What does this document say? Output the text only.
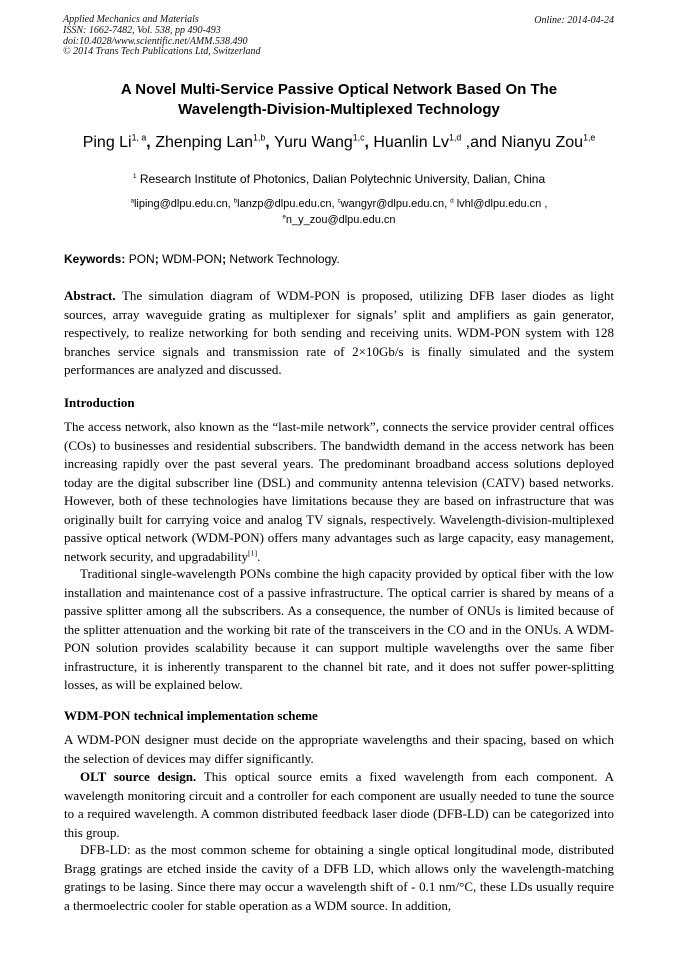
Applied Mechanics and Materials
ISSN: 1662-7482, Vol. 538, pp 490-493
doi:10.4028/www.scientific.net/AMM.538.490
© 2014 Trans Tech Publications Ltd, Switzerland
Online: 2014-04-24
A Novel Multi-Service Passive Optical Network Based On The
Wavelength-Division-Multiplexed Technology
Ping Li$^{1, a}$, Zhenping Lan$^{1,b}$, Yuru Wang$^{1,c}$, Huanlin Lv$^{1,d}$ ,and Nianyu Zou$^{1,e}$
$^1$ Research Institute of Photonics, Dalian Polytechnic University, Dalian, China
$^a$liping@dlpu.edu.cn, $^b$lanzp@dlpu.edu.cn, $^c$wangyr@dlpu.edu.cn, $^d$ lvhl@dlpu.edu.cn ,
$^e$n_y_zou@dlpu.edu.cn
Keywords: PON; WDM-PON; Network Technology.
Abstract. The simulation diagram of WDM-PON is proposed, utilizing DFB laser diodes as light sources, array waveguide grating as multiplexer for signals’ split and amplifiers as gain generator, respectively, to realize networking for both sending and receiving units. WDM-PON system with 128 branches service signals and transmission rate of 2×10Gb/s is finally simulated and the system performances are analyzed and discussed.
Introduction
The access network, also known as the “last-mile network”, connects the service provider central offices (COs) to businesses and residential subscribers. The bandwidth demand in the access network has been increasing rapidly over the past several years. The predominant broadband access solutions deployed today are the digital subscriber line (DSL) and community antenna television (CATV) based networks. However, both of these technologies have limitations because they are based on infrastructure that was originally built for carrying voice and analog TV signals, respectively. Wavelength-division-multiplexed passive optical network (WDM-PON) offers many advantages such as large capacity, easy management, network security, and upgradability[1].
Traditional single-wavelength PONs combine the high capacity provided by optical fiber with the low installation and maintenance cost of a passive infrastructure. The optical carrier is shared by means of a passive splitter among all the subscribers. As a consequence, the number of ONUs is limited because of the splitter attenuation and the working bit rate of the transceivers in the CO and in the ONUs. A WDM-PON solution provides scalability because it can support multiple wavelengths over the same fiber infrastructure, it is inherently transparent to the channel bit rate, and it does not suffer power-splitting losses, as will be explained below.
WDM-PON technical implementation scheme
A WDM-PON designer must decide on the appropriate wavelengths and their spacing, based on which the selection of devices may differ significantly.
OLT source design. This optical source emits a fixed wavelength from each component. A wavelength monitoring circuit and a controller for each component are usually needed to tune the source to a required wavelength. A common distributed feedback laser diode (DFB-LD) can be categorized into this group.
DFB-LD: as the most common scheme for obtaining a single optical longitudinal mode, distributed Bragg gratings are etched inside the cavity of a DFB LD, which allows only the wavelength-matching gratings to be lasing. Since there may occur a wavelength shift of - 0.1 nm/°C, these LDs usually require a thermoelectric cooler for stable operation as a WDM source. In addition,
